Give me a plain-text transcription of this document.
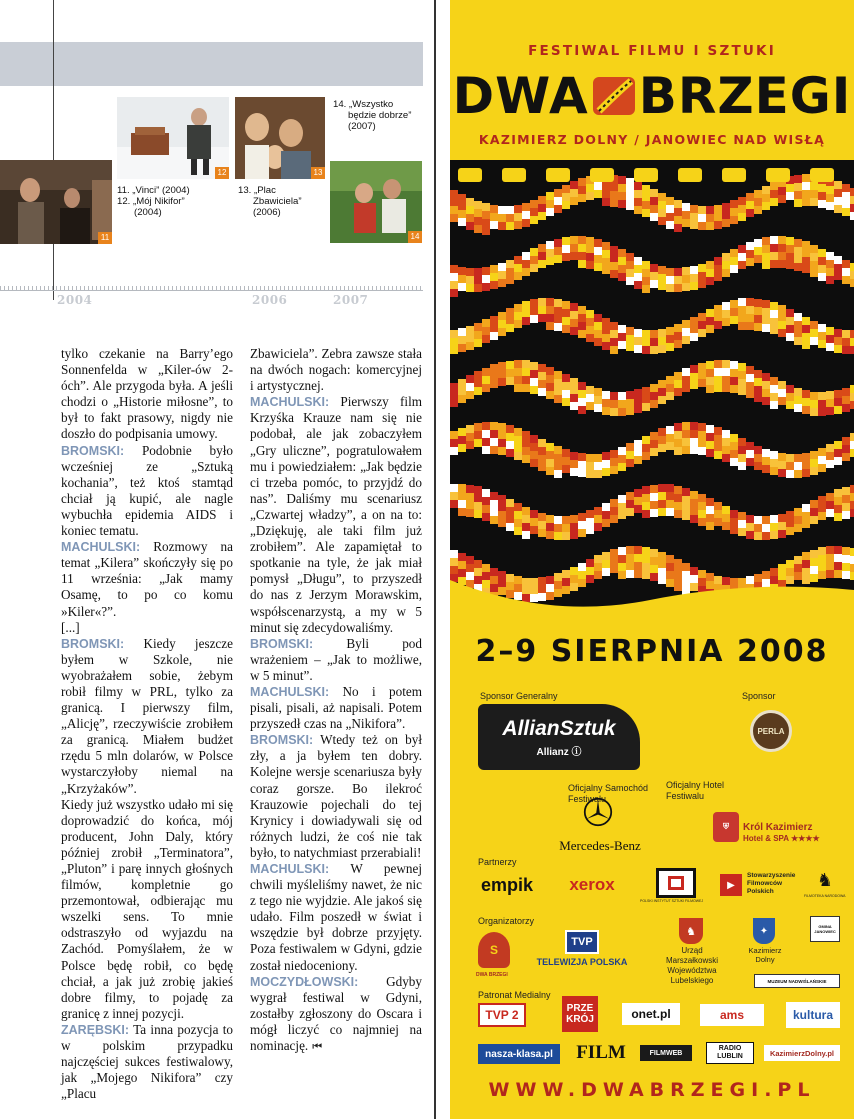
11
12	13
14
11. „Vinci” (2004)
12. „Mój Nikifor”
(2004)
13. „Plac
Zbawiciela”
(2006)
14. „Wszystko
będzie dobrze”
(2007)
2004	2006	2007

tylko czekanie na Barry’ego Sonnenfelda w „Kiler-ów 2-óch”. Ale przygoda była. A jeśli chodzi o „Historie miłosne”, to był to fakt prasowy, nigdy nie doszło do podpisania umowy.

BROMSKI: Podobnie było wcześniej ze „Sztuką kochania”, też ktoś stamtąd chciał ją kupić, ale nagle wybuchła epidemia AIDS i koniec tematu.

MACHULSKI: Rozmowy na temat „Kilera” skończyły się po 11 września: „Jak mamy Osamę, to po co komu »Kiler«?”.

[...]

BROMSKI: Kiedy jeszcze byłem w Szkole, nie wyobrażałem sobie, żebym robił filmy w PRL, tylko za granicą. I pierwszy film, „Alicję”, rzeczywiście zrobiłem za granicą. Miałem budżet rzędu 5 mln dolarów, w Polsce wystarczyłoby niemal na „Krzyżaków”.

Kiedy już wszystko udało mi się doprowadzić do końca, mój producent, John Daly, który później zrobił „Terminatora”, „Pluton” i parę innych głośnych filmów, kompletnie go przemontował, odbierając mu wszelki sens. To mnie odstraszyło od wyjazdu na Zachód. Pomyślałem, że w Polsce będę robił, co będę chciał, a jak już zrobię jakieś dobre filmy, to pojadę za granicę z innej pozycji.

ZARĘBSKI: Ta inna pozycja to w polskim przypadku najczęściej sukces festiwalowy, jak „Mojego Nikifora” czy „Placu

Zbawiciela”. Zebra zawsze stała na dwóch nogach: komercyjnej i artystycznej.

MACHULSKI: Pierwszy film Krzyśka Krauze nam się nie podobał, ale jak zobaczyłem „Gry uliczne”, pogratulowałem mu i powiedziałem: „Jak będzie ci trzeba pomóc, to przyjdź do nas”. Daliśmy mu scenariusz „Czwartej władzy”, a on na to: „Dziękuję, ale taki film już zrobiłem”. Ale zapamiętał to spotkanie na tyle, że jak miał pomysł „Długu”, to przyszedł do nas z Jerzym Morawskim, współscenarzystą, a my w 5 minut się zdecydowaliśmy.

BROMSKI: Byli pod wrażeniem – „Jak to możliwe, w 5 minut”.

MACHULSKI: No i potem pisali, pisali, aż napisali. Potem przyszedł czas na „Nikifora”.

BROMSKI: Wtedy też on był zły, a ja byłem ten dobry. Kolejne wersje scenariusza były coraz gorsze. Bo ilekroć Krauzowie pojechali do tej Krynicy i dowiadywali się od różnych ludzi, że coś nie tak było, to natychmiast przerabiali!

MACHULSKI: W pewnej chwili myśleliśmy nawet, że nic z tego nie wyjdzie. Ale jakoś się udało. Film poszedł w świat i wszędzie był dobrze przyjęty. Poza festiwalem w Gdyni, gdzie został niedoceniony.

MOCZYDŁOWSKI: Gdyby wygrał festiwal w Gdyni, zostałby zgłoszony do Oscara i mógł liczyć co najmniej na nominację. ⏮

FESTIWAL FILMU I SZTUKI
DWA BRZEGI
KAZIMIERZ DOLNY / JANOWIEC NAD WISŁĄ
2–9 SIERPNIA 2008
Sponsor Generalny	Sponsor
AllianSztuk
Allianz ⓘ
PERLA
Oficjalny Samochód
Festiwalu
Oficjalny Hotel
Festiwalu
Mercedes-Benz
⛨	Król Kazimierz
Hotel & SPA ★★★★
Partnerzy
empik	xerox
POLSKI INSTYTUT SZTUKI FILMOWEJ
▶
Stowarzyszenie
Filmowców
Polskich
♞
FILMOTEKA NARODOWA
Organizatorzy
S
DWA BRZEGI
TVP
TELEWIZJA POLSKA
♞
Urząd
Marszałkowski
Województwa
Lubelskiego
✦
Kazimierz
Dolny
GMINA JANOWIEC
MUZEUM NADWIŚLAŃSKIE
Patronat Medialny
TVP 2	PRZE KRÓJ	onet.pl	ams	kultura
nasza-klasa.pl	FILM	FILMWEB
RADIO LUBLIN	KazimierzDolny.pl
WWW.DWABRZEGI.PL
